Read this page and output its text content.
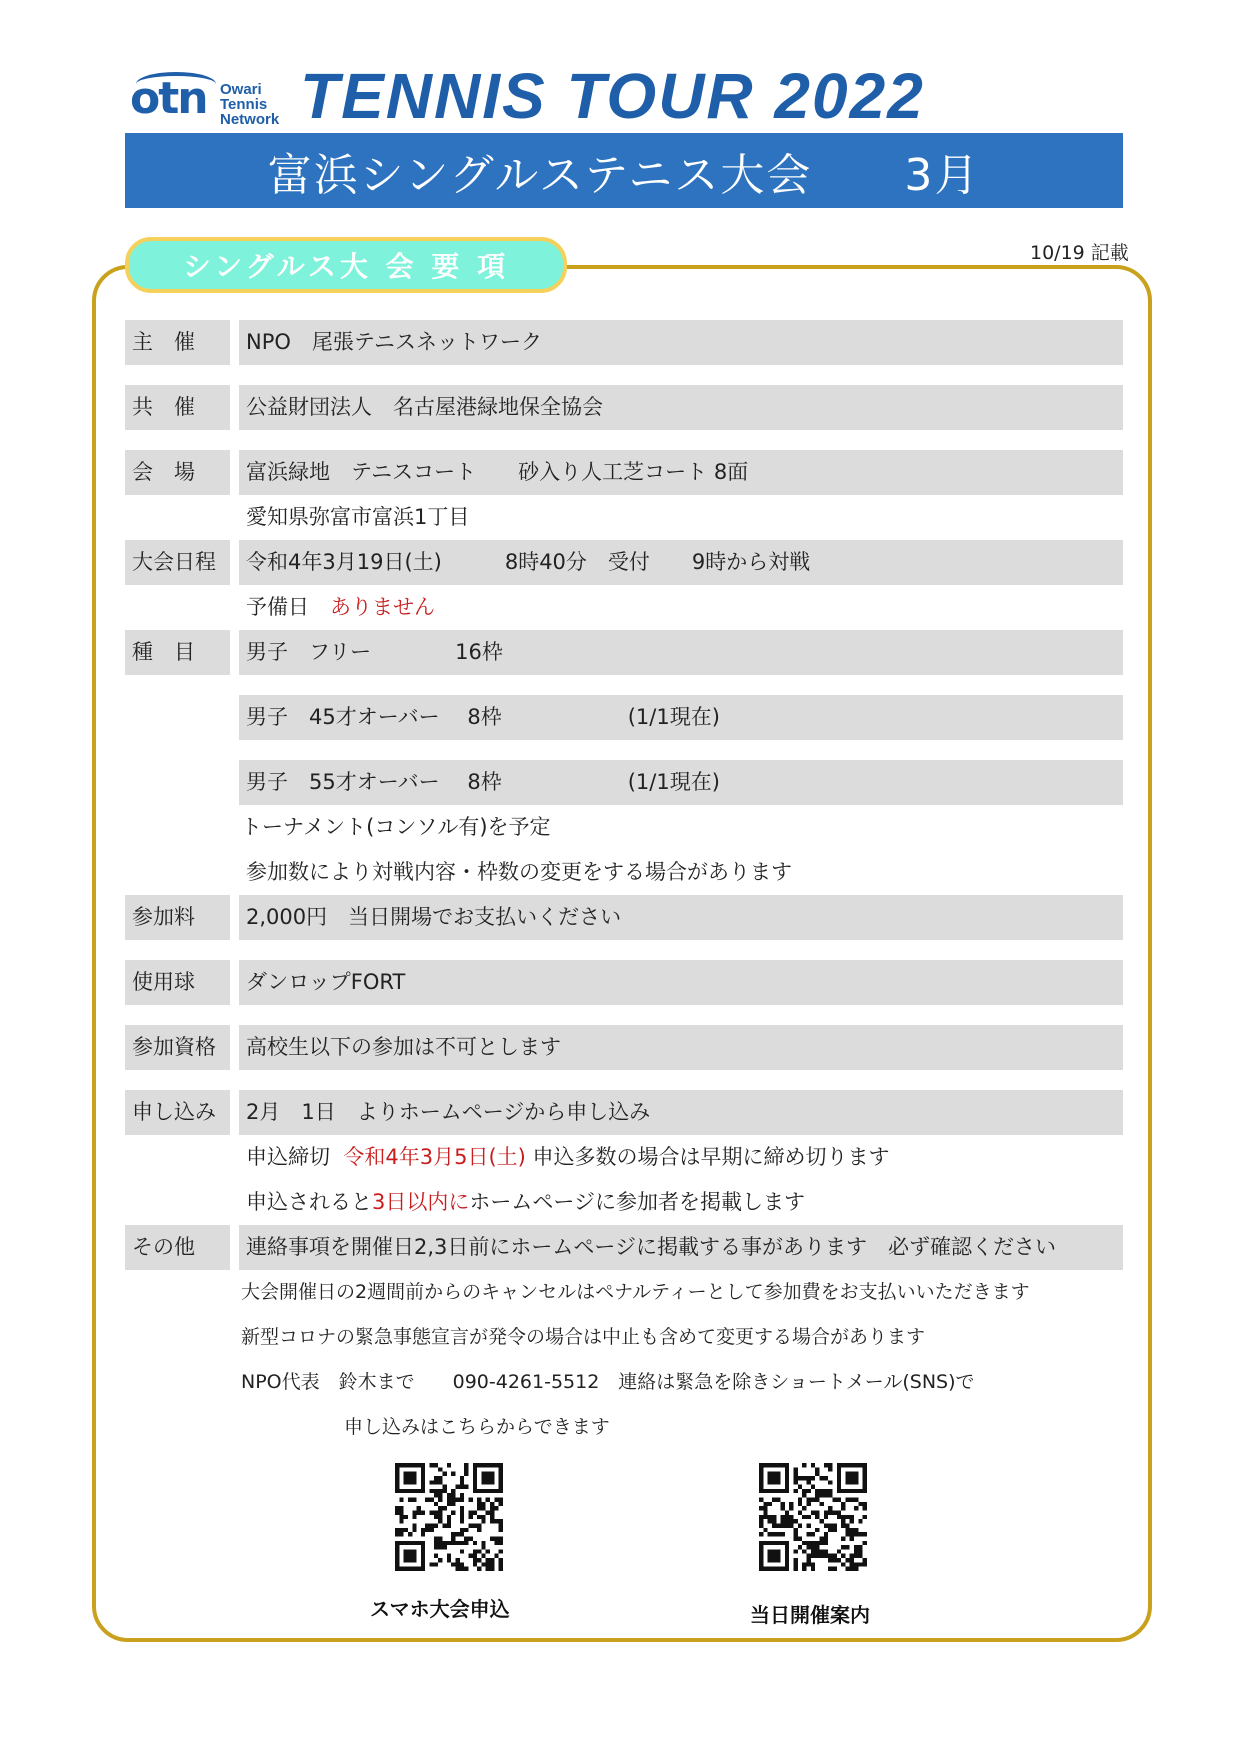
otn Owari
Tennis
Network TENNIS TOUR 2022
富浜シングルステニス大会　　3月
10/19 記載
シングルス大 会 要 項
主　催	NPO　尾張テニスネットワーク
共　催	公益財団法人　名古屋港緑地保全協会
会　場	富浜緑地　テニスコート　　砂入り人工芝コート 8面
愛知県弥富市富浜1丁目
大会日程	令和4年3月19日(土)　　　8時40分　受付　　9時から対戦
予備日　 ありません
種　目	男子　フリー　　　　16枠
男子　45才オーバー　 8枠　　　　　　(1/1現在)
男子　55才オーバー　 8枠　　　　　　(1/1現在)
トーナメント(コンソル有)を予定
参加数により対戦内容・枠数の変更をする場合があります
参加料	2,000円　当日開場でお支払いください
使用球	ダンロップFORT
参加資格	高校生以下の参加は不可とします
申し込み	2月　1日　よりホームページから申し込み
申込締切 令和4年3月5日(土) 申込多数の場合は早期に締め切ります
申込されると3日以内にホームページに参加者を掲載します
その他	連絡事項を開催日2,3日前にホームページに掲載する事があります　必ず確認ください
大会開催日の2週間前からのキャンセルはペナルティーとして参加費をお支払いいただきます
新型コロナの緊急事態宣言が発令の場合は中止も含めて変更する場合があります
NPO代表　鈴木まで　　090-4261-5512　連絡は緊急を除きショートメール(SNS)で
申し込みはこちらからできます
スマホ大会申込	当日開催案内
